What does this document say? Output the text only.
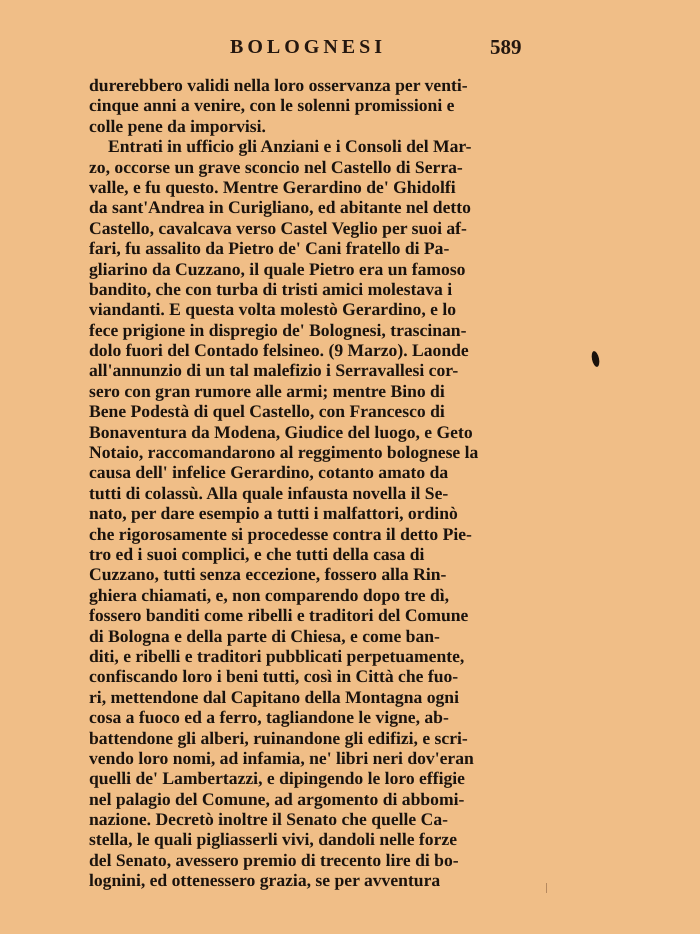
BOLOGNESI	589
durerebbero validi nella loro osservanza per venti-
cinque anni a venire, con le solenni promissioni e
colle pene da imporvisi.
Entrati in ufficio gli Anziani e i Consoli del Mar-
zo, occorse un grave sconcio nel Castello di Serra-
valle, e fu questo. Mentre Gerardino de' Ghidolfi
da sant'Andrea in Curigliano, ed abitante nel detto
Castello, cavalcava verso Castel Veglio per suoi af-
fari, fu assalito da Pietro de' Cani fratello di Pa-
gliarino da Cuzzano, il quale Pietro era un famoso
bandito, che con turba di tristi amici molestava i
viandanti. E questa volta molestò Gerardino, e lo
fece prigione in dispregio de' Bolognesi, trascinan-
dolo fuori del Contado felsineo. (9 Marzo). Laonde
all'annunzio di un tal malefizio i Serravallesi cor-
sero con gran rumore alle armi; mentre Bino di
Bene Podestà di quel Castello, con Francesco di
Bonaventura da Modena, Giudice del luogo, e Geto
Notaio, raccomandarono al reggimento bolognese la
causa dell' infelice Gerardino, cotanto amato da
tutti di colassù. Alla quale infausta novella il Se-
nato, per dare esempio a tutti i malfattori, ordinò
che rigorosamente si procedesse contra il detto Pie-
tro ed i suoi complici, e che tutti della casa di
Cuzzano, tutti senza eccezione, fossero alla Rin-
ghiera chiamati, e, non comparendo dopo tre dì,
fossero banditi come ribelli e traditori del Comune
di Bologna e della parte di Chiesa, e come ban-
diti, e ribelli e traditori pubblicati perpetuamente,
confiscando loro i beni tutti, così in Città che fuo-
ri, mettendone dal Capitano della Montagna ogni
cosa a fuoco ed a ferro, tagliandone le vigne, ab-
battendone gli alberi, ruinandone gli edifizi, e scri-
vendo loro nomi, ad infamia, ne' libri neri dov'eran
quelli de' Lambertazzi, e dipingendo le loro effigie
nel palagio del Comune, ad argomento di abbomi-
nazione. Decretò inoltre il Senato che quelle Ca-
stella, le quali pigliasserli vivi, dandoli nelle forze
del Senato, avessero premio di trecento lire di bo-
lognini, ed ottenessero grazia, se per avventura
